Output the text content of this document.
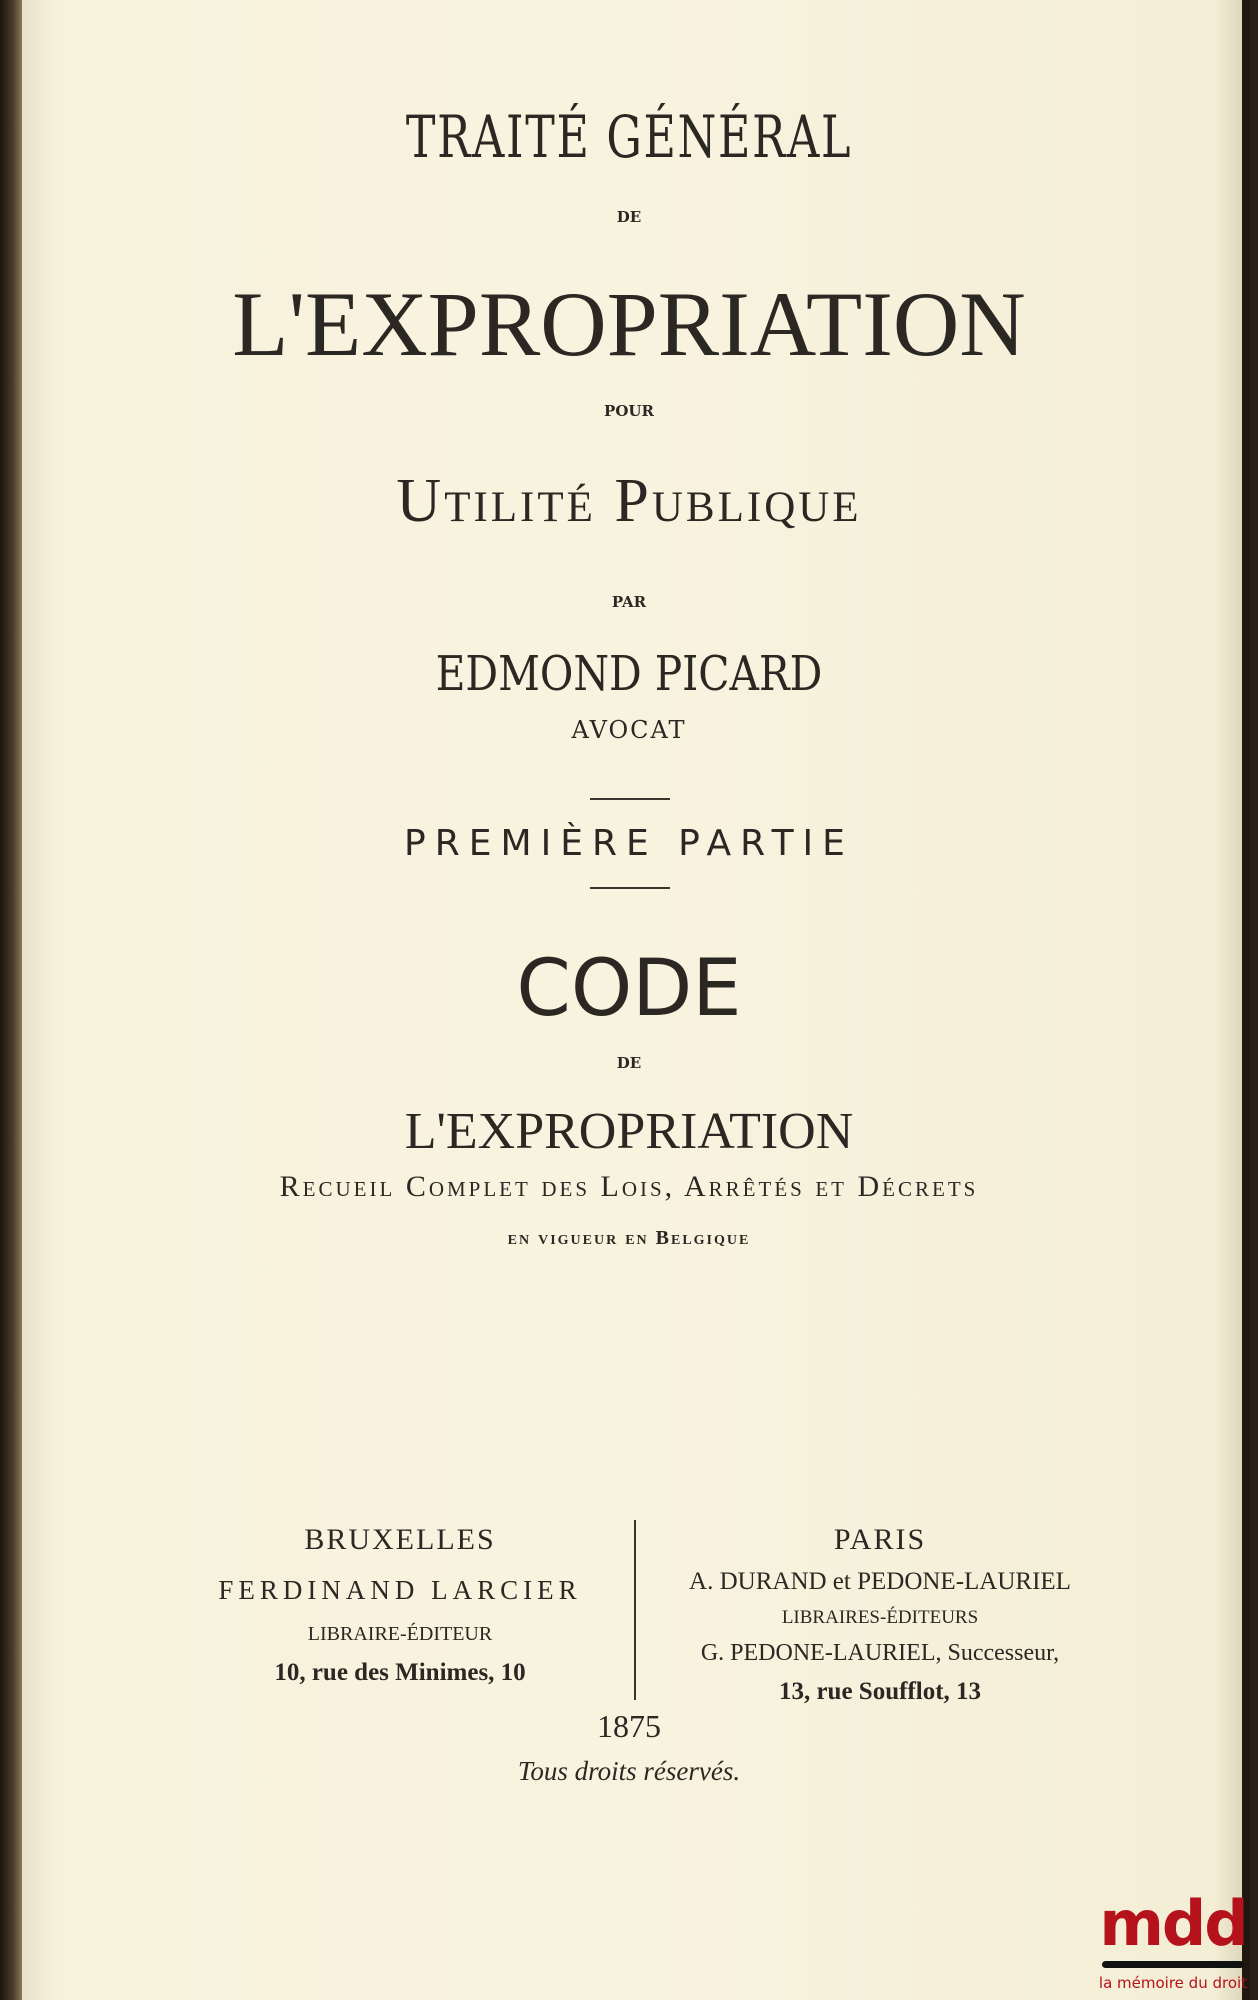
TRAITÉ GÉNÉRAL
DE
L'EXPROPRIATION
POUR
Utilité Publique
PAR
EDMOND PICARD
AVOCAT
PREMIÈRE PARTIE
CODE
DE
L'EXPROPRIATION
Recueil Complet des Lois, Arrêtés et Décrets
en vigueur en Belgique
BRUXELLES
FERDINAND LARCIER
LIBRAIRE-ÉDITEUR
10, rue des Minimes, 10
PARIS
A. DURAND et PEDONE-LAURIEL
LIBRAIRES-ÉDITEURS
G. PEDONE-LAURIEL, Successeur,
13, rue Soufflot, 13
1875
Tous droits réservés.
mdd
la mémoire du droit
